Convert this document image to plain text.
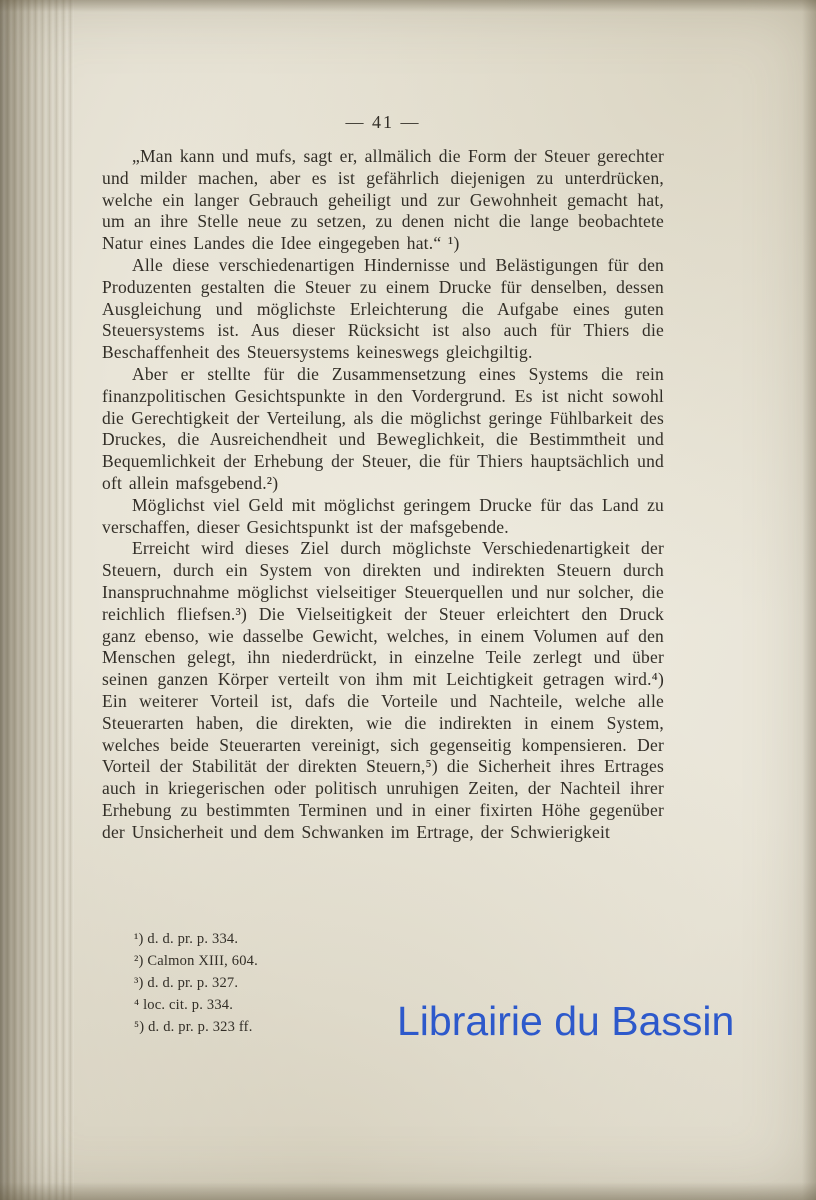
— 41 —

„Man kann und mufs, sagt er, allmälich die Form der Steuer gerechter und milder machen, aber es ist gefährlich diejenigen zu unterdrücken, welche ein langer Gebrauch geheiligt und zur Gewohnheit gemacht hat, um an ihre Stelle neue zu setzen, zu denen nicht die lange beobachtete Natur eines Landes die Idee eingegeben hat.“ ¹)

Alle diese verschiedenartigen Hindernisse und Belästigungen für den Produzenten gestalten die Steuer zu einem Drucke für denselben, dessen Ausgleichung und möglichste Erleichterung die Aufgabe eines guten Steuersystems ist. Aus dieser Rücksicht ist also auch für Thiers die Beschaffenheit des Steuersystems keineswegs gleichgiltig.

Aber er stellte für die Zusammensetzung eines Systems die rein finanzpolitischen Gesichtspunkte in den Vordergrund. Es ist nicht sowohl die Gerechtigkeit der Verteilung, als die möglichst geringe Fühlbarkeit des Druckes, die Ausreichendheit und Beweglichkeit, die Bestimmtheit und Bequemlichkeit der Erhebung der Steuer, die für Thiers hauptsächlich und oft allein mafsgebend.²)

Möglichst viel Geld mit möglichst geringem Drucke für das Land zu verschaffen, dieser Gesichtspunkt ist der mafsgebende.

Erreicht wird dieses Ziel durch möglichste Verschiedenartigkeit der Steuern, durch ein System von direkten und indirekten Steuern durch Inanspruchnahme möglichst vielseitiger Steuerquellen und nur solcher, die reichlich fliefsen.³) Die Vielseitigkeit der Steuer erleichtert den Druck ganz ebenso, wie dasselbe Gewicht, welches, in einem Volumen auf den Menschen gelegt, ihn niederdrückt, in einzelne Teile zerlegt und über seinen ganzen Körper verteilt von ihm mit Leichtigkeit getragen wird.⁴) Ein weiterer Vorteil ist, dafs die Vorteile und Nachteile, welche alle Steuerarten haben, die direkten, wie die indirekten in einem System, welches beide Steuerarten vereinigt, sich gegenseitig kompensieren. Der Vorteil der Stabilität der direkten Steuern,⁵) die Sicherheit ihres Ertrages auch in kriegerischen oder politisch unruhigen Zeiten, der Nachteil ihrer Erhebung zu bestimmten Terminen und in einer fixirten Höhe gegenüber der Unsicherheit und dem Schwanken im Ertrage, der Schwierigkeit

¹) d. d. pr. p. 334.
²) Calmon XIII, 604.
³) d. d. pr. p. 327.
⁴ loc. cit. p. 334.
⁵) d. d. pr. p. 323 ff.	Librairie du Bassin
